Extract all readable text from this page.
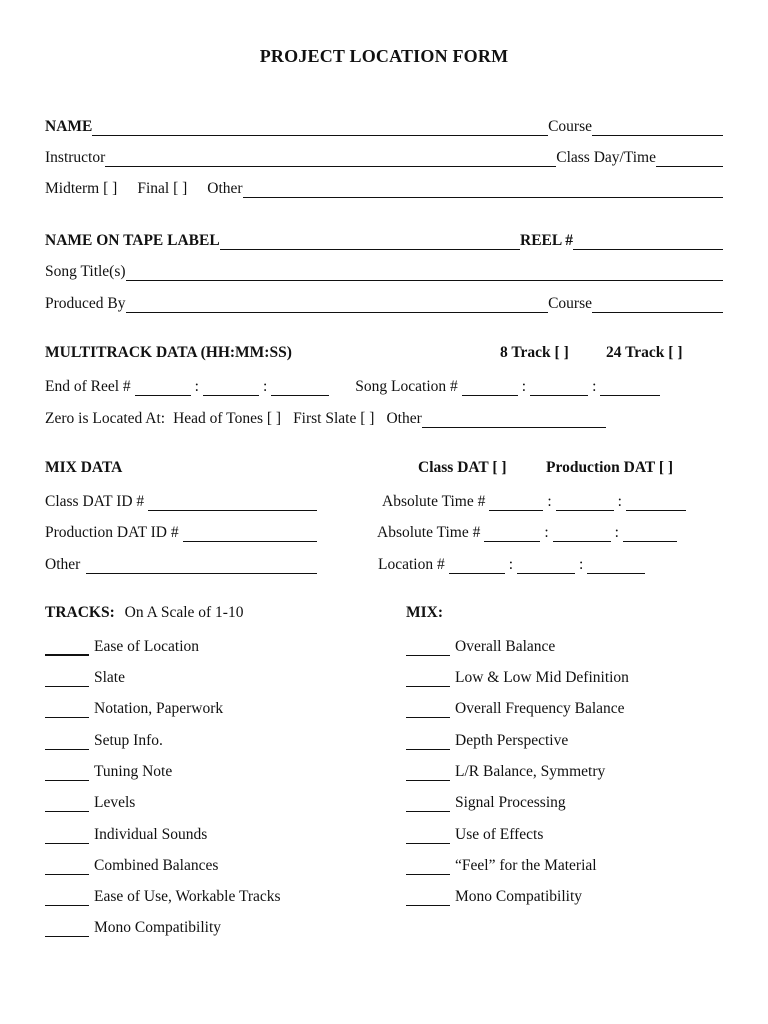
PROJECT LOCATION FORM
NAME	Course
Instructor	Class Day/Time
Midterm [ ] Final [ ] Other
NAME ON TAPE LABEL	REEL #
Song Title(s)
Produced By	Course
MULTITRACK DATA (HH:MM:SS)	8 Track [ ] 24 Track [ ]
End of Reel #	:	:	Song Location #	:	:
Zero is Located At: Head of Tones [ ] First Slate [ ] Other
MIX DATA	Class DAT [ ]	Production DAT [ ]
Class DAT ID #	Absolute Time #	:	:
Production DAT ID #	Absolute Time #	:	:
Other	Location #	:	:
TRACKS: On A Scale of 1-10	MIX:
Ease of Location
Slate
Notation, Paperwork
Setup Info.
Tuning Note
Levels
Individual Sounds
Combined Balances
Ease of Use, Workable Tracks
Mono Compatibility
Overall Balance
Low & Low Mid Definition
Overall Frequency Balance
Depth Perspective
L/R Balance, Symmetry
Signal Processing
Use of Effects
“Feel” for the Material
Mono Compatibility
